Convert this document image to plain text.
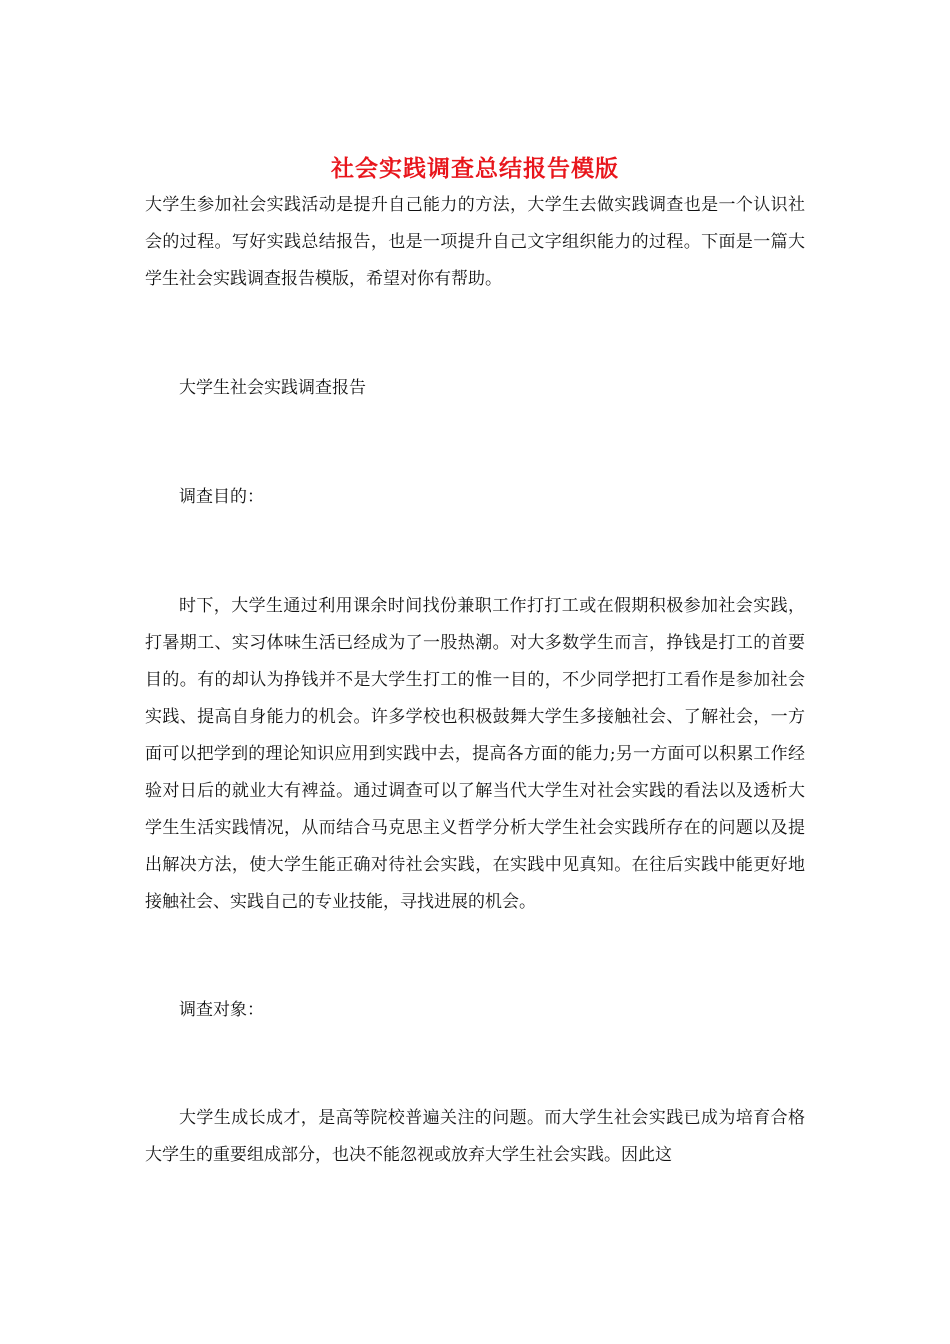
社会实践调查总结报告模版

大学生参加社会实践活动是提升自己能力的方法，大学生去做实践调查也是一个认识社会的过程。写好实践总结报告，也是一项提升自己文字组织能力的过程。下面是一篇大学生社会实践调查报告模版，希望对你有帮助。

大学生社会实践调查报告

调查目的：

时下，大学生通过利用课余时间找份兼职工作打打工或在假期积极参加社会实践，打暑期工、实习体味生活已经成为了一股热潮。对大多数学生而言，挣钱是打工的首要目的。有的却认为挣钱并不是大学生打工的惟一目的，不少同学把打工看作是参加社会实践、提高自身能力的机会。许多学校也积极鼓舞大学生多接触社会、了解社会，一方面可以把学到的理论知识应用到实践中去，提高各方面的能力;另一方面可以积累工作经验对日后的就业大有裨益。通过调查可以了解当代大学生对社会实践的看法以及透析大学生生活实践情况，从而结合马克思主义哲学分析大学生社会实践所存在的问题以及提出解决方法，使大学生能正确对待社会实践，在实践中见真知。在往后实践中能更好地接触社会、实践自己的专业技能，寻找进展的机会。

调查对象：

大学生成长成才，是高等院校普遍关注的问题。而大学生社会实践已成为培育合格大学生的重要组成部分，也决不能忽视或放弃大学生社会实践。因此这
